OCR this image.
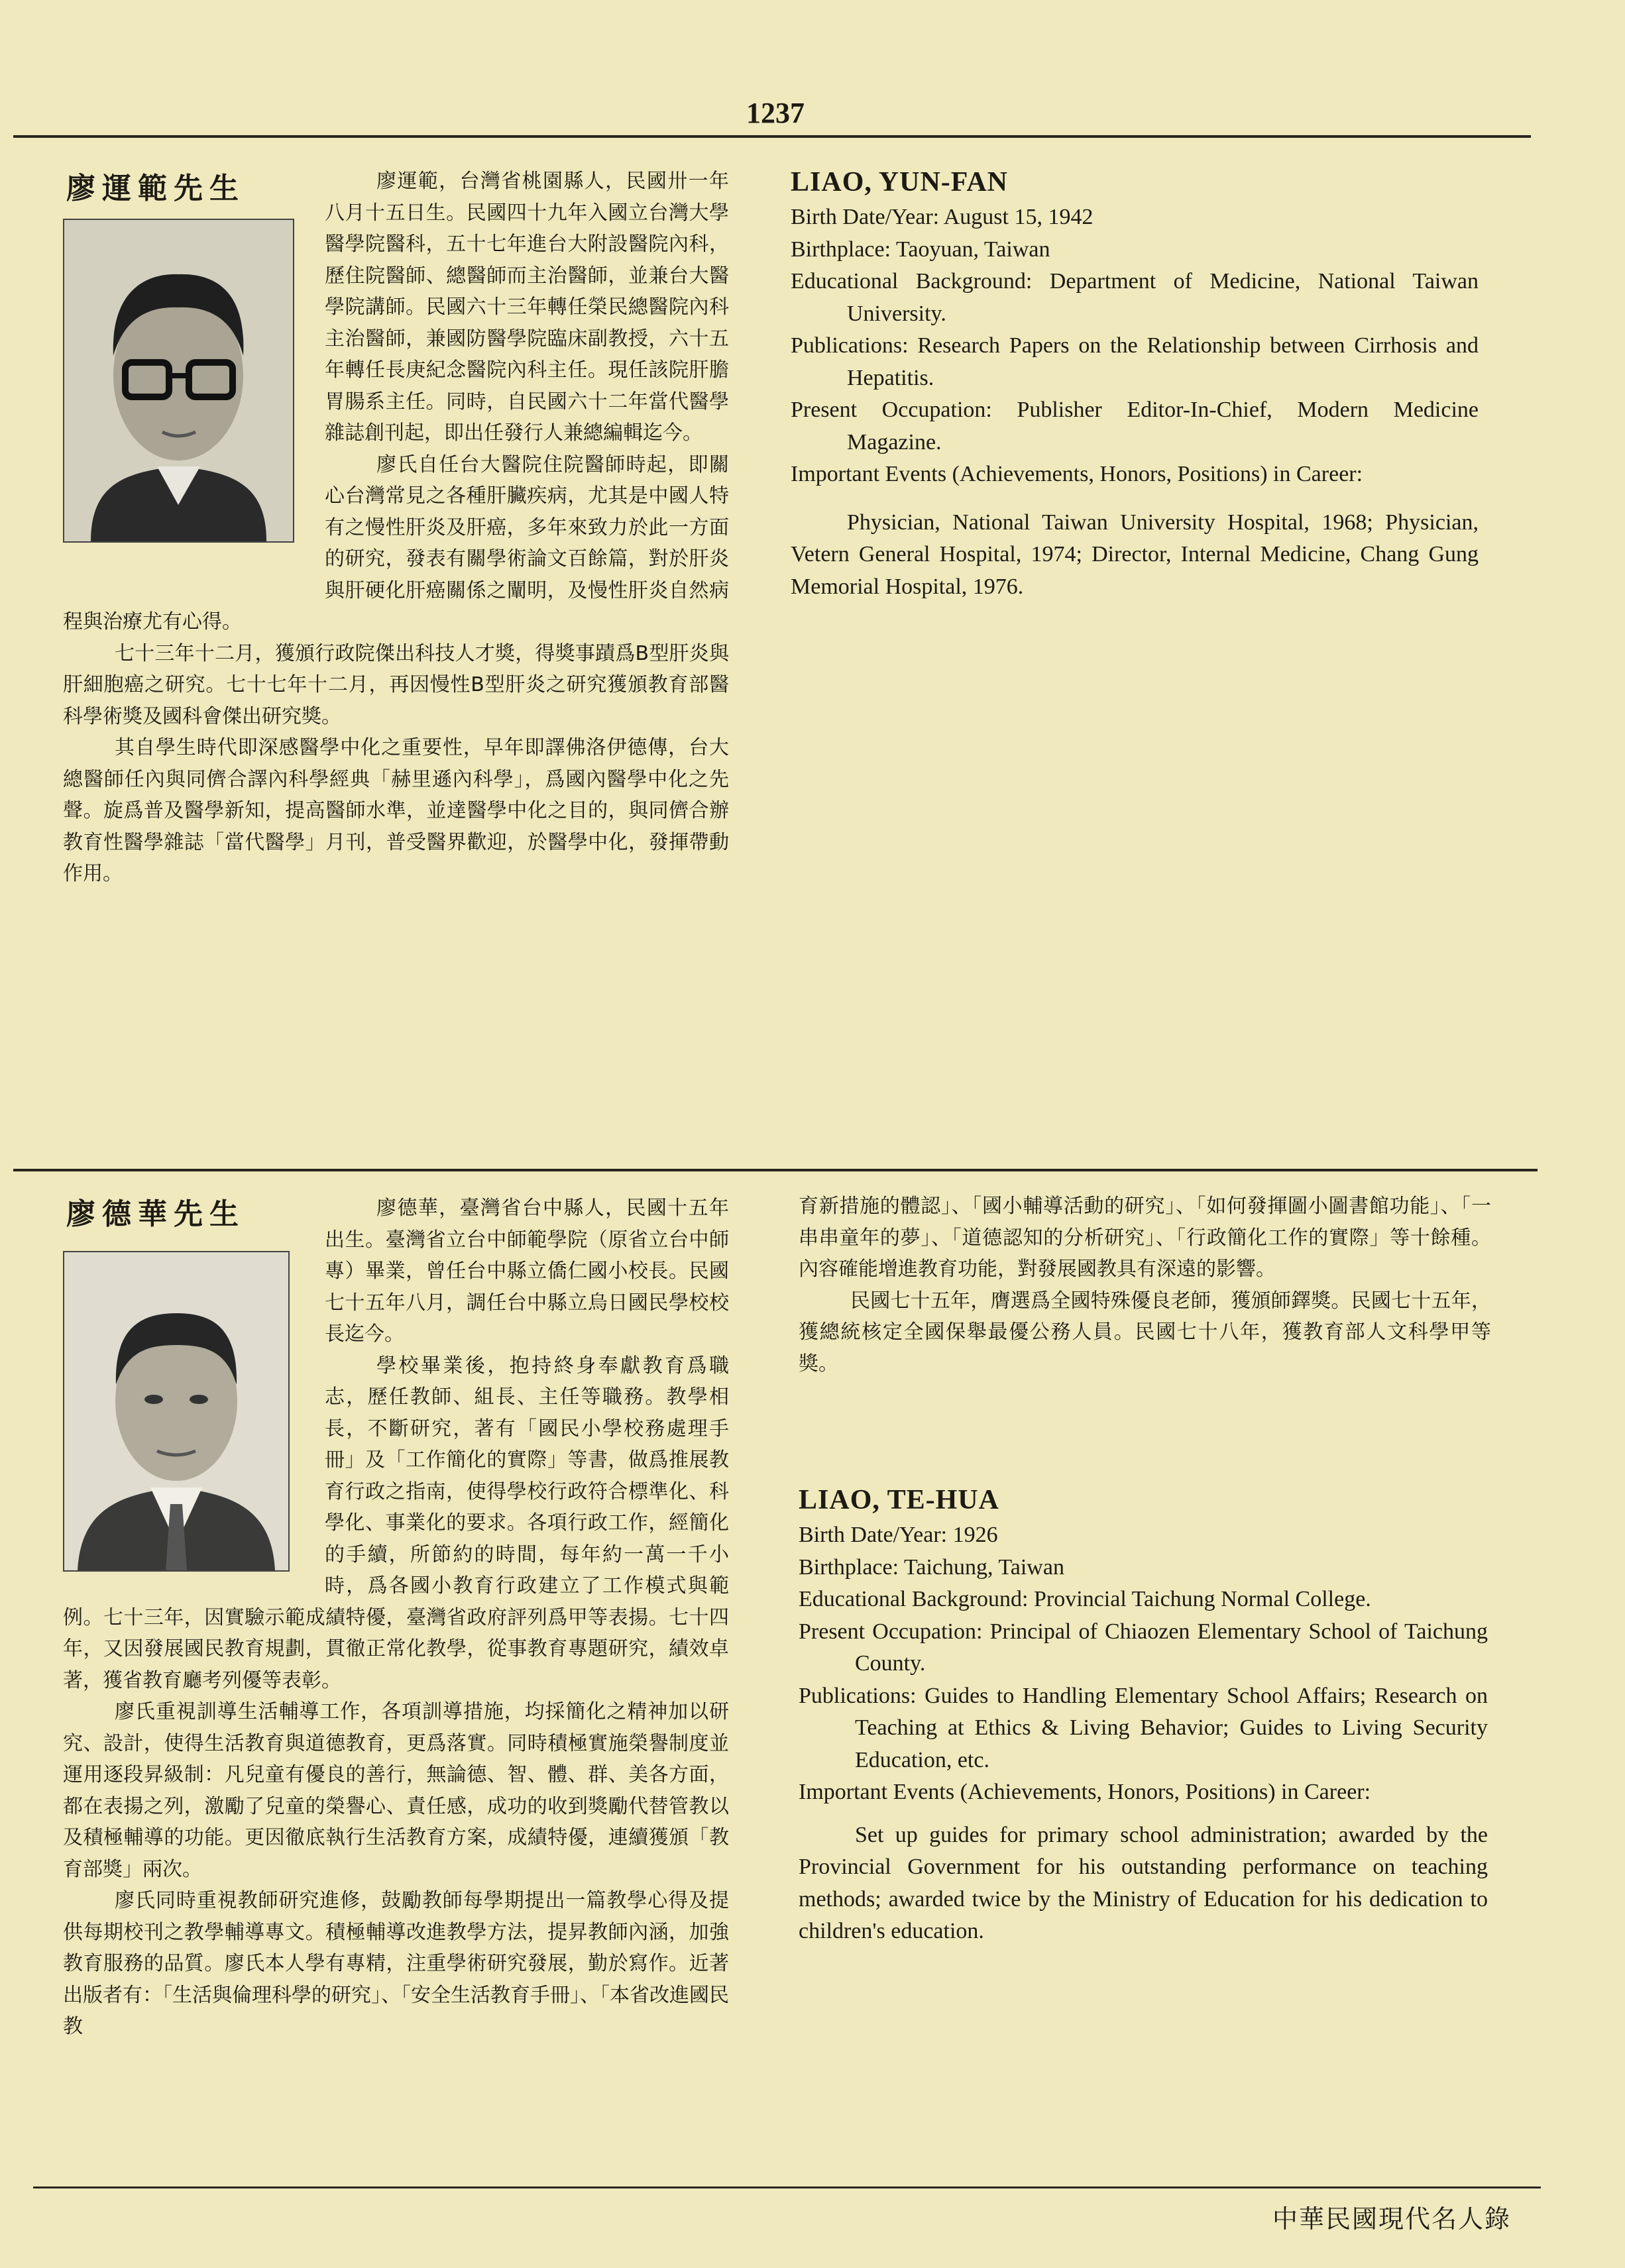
1237
廖運範先生	廖運範，台灣省桃園縣人，民國卅一年八月十五日生。民國四十九年入國立台灣大學醫學院醫科，五十七年進台大附設醫院內科，歷住院醫師、總醫師而主治醫師，並兼台大醫學院講師。民國六十三年轉任榮民總醫院內科主治醫師，兼國防醫學院臨床副教授，六十五年轉任長庚紀念醫院內科主任。現任該院肝膽胃腸系主任。同時，自民國六十二年當代醫學雜誌創刊起，即出任發行人兼總編輯迄今。

廖氏自任台大醫院住院醫師時起，即關心台灣常見之各種肝臟疾病，尤其是中國人特有之慢性肝炎及肝癌，多年來致力於此一方面的研究，發表有關學術論文百餘篇，對於肝炎與肝硬化肝癌關係之闡明，及慢性肝炎自然病程與治療尤有心得。

七十三年十二月，獲頒行政院傑出科技人才獎，得獎事蹟爲B型肝炎與肝細胞癌之研究。七十七年十二月，再因慢性B型肝炎之研究獲頒教育部醫科學術獎及國科會傑出研究獎。

其自學生時代即深感醫學中化之重要性，早年即譯佛洛伊德傳，台大總醫師任內與同儕合譯內科學經典「赫里遜內科學」，爲國內醫學中化之先聲。旋爲普及醫學新知，提高醫師水準，並達醫學中化之目的，與同儕合辦教育性醫學雜誌「當代醫學」月刊，普受醫界歡迎，於醫學中化，發揮帶動作用。

LIAO, YUN-FAN

Birth Date/Year: August 15, 1942

Birthplace: Taoyuan, Taiwan

Educational Background: Department of Medicine, National Taiwan University.

Publications: Research Papers on the Relationship between Cirrhosis and Hepatitis.

Present Occupation: Publisher Editor-In-Chief, Modern Medicine Magazine.

Important Events (Achievements, Honors, Positions) in Career:

Physician, National Taiwan University Hospital, 1968; Physician, Vetern General Hospital, 1974; Director, Internal Medicine, Chang Gung Memorial Hospital, 1976.

廖德華先生	廖德華，臺灣省台中縣人，民國十五年出生。臺灣省立台中師範學院（原省立台中師專）畢業，曾任台中縣立僑仁國小校長。民國七十五年八月，調任台中縣立烏日國民學校校長迄今。

學校畢業後，抱持終身奉獻教育爲職志，歷任教師、組長、主任等職務。教學相長，不斷研究，著有「國民小學校務處理手冊」及「工作簡化的實際」等書，做爲推展教育行政之指南，使得學校行政符合標準化、科學化、事業化的要求。各項行政工作，經簡化的手續，所節約的時間，每年約一萬一千小時，爲各國小教育行政建立了工作模式與範例。七十三年，因實驗示範成績特優，臺灣省政府評列爲甲等表揚。七十四年，又因發展國民教育規劃，貫徹正常化教學，從事教育專題研究，績效卓著，獲省教育廳考列優等表彰。

廖氏重視訓導生活輔導工作，各項訓導措施，均採簡化之精神加以研究、設計，使得生活教育與道德教育，更爲落實。同時積極實施榮譽制度並運用逐段昇級制：凡兒童有優良的善行，無論德、智、體、群、美各方面，都在表揚之列，激勵了兒童的榮譽心、責任感，成功的收到獎勵代替管教以及積極輔導的功能。更因徹底執行生活教育方案，成績特優，連續獲頒「教育部獎」兩次。

廖氏同時重視教師研究進修，鼓勵教師每學期提出一篇教學心得及提供每期校刊之教學輔導專文。積極輔導改進教學方法，提昇教師內涵，加強教育服務的品質。廖氏本人學有專精，注重學術研究發展，勤於寫作。近著出版者有：「生活與倫理科學的研究」、「安全生活教育手冊」、「本省改進國民教

育新措施的體認」、「國小輔導活動的研究」、「如何發揮圖小圖書館功能」、「一串串童年的夢」、「道德認知的分析研究」、「行政簡化工作的實際」等十餘種。內容確能增進教育功能，對發展國教具有深遠的影響。

民國七十五年，膺選爲全國特殊優良老師，獲頒師鐸獎。民國七十五年，獲總統核定全國保舉最優公務人員。民國七十八年，獲教育部人文科學甲等獎。

LIAO, TE-HUA

Birth Date/Year: 1926

Birthplace: Taichung, Taiwan

Educational Background: Provincial Taichung Normal College.

Present Occupation: Principal of Chiaozen Elementary School of Taichung County.

Publications: Guides to Handling Elementary School Affairs; Research on Teaching at Ethics & Living Behavior; Guides to Living Security Education, etc.

Important Events (Achievements, Honors, Positions) in Career:

Set up guides for primary school administration; awarded by the Provincial Government for his outstanding performance on teaching methods; awarded twice by the Ministry of Education for his dedication to children's education.

中華民國現代名人錄
